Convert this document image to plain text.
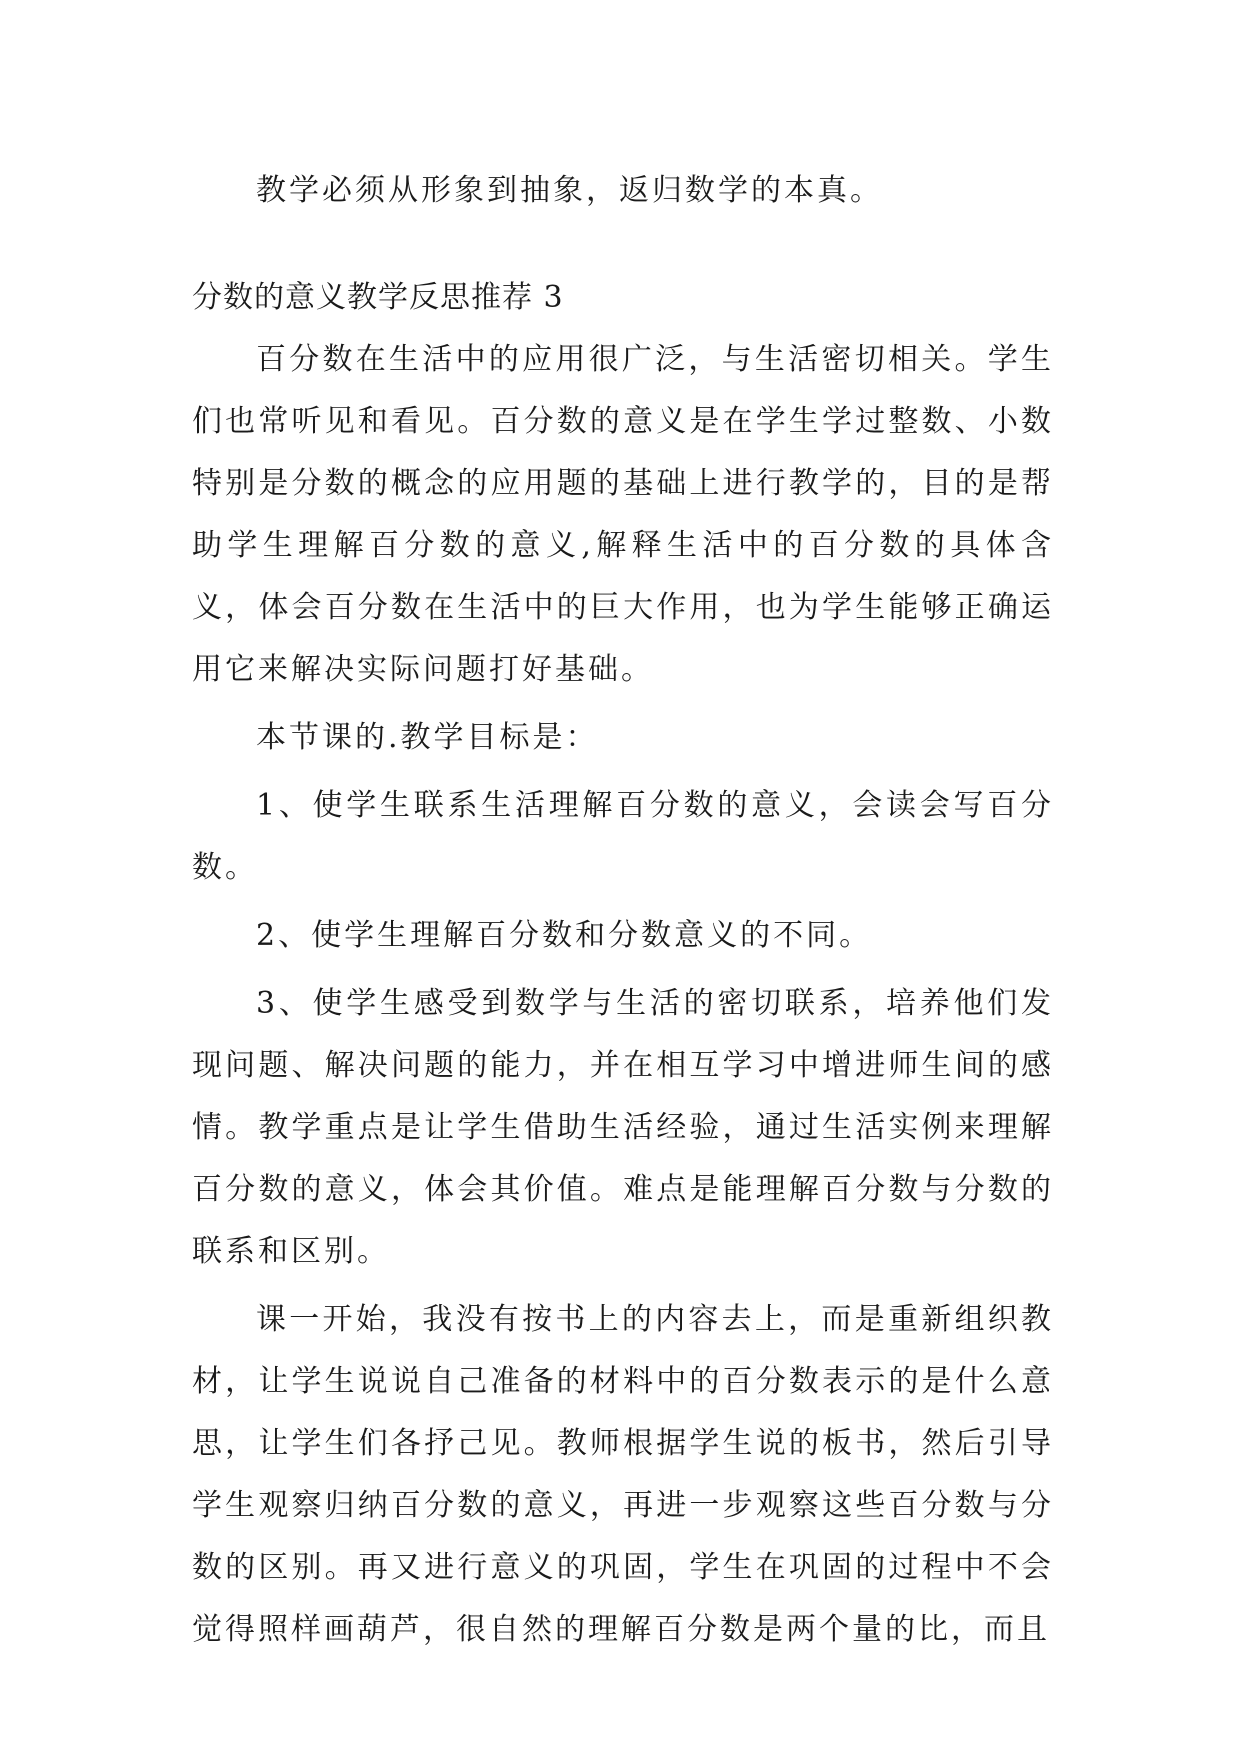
教学必须从形象到抽象，返归数学的本真。

分数的意义教学反思推荐 3

百分数在生活中的应用很广泛，与生活密切相关。学生们也常听见和看见。百分数的意义是在学生学过整数、小数特别是分数的概念的应用题的基础上进行教学的，目的是帮助学生理解百分数的意义,解释生活中的百分数的具体含义，体会百分数在生活中的巨大作用，也为学生能够正确运用它来解决实际问题打好基础。

本节课的.教学目标是：

1、使学生联系生活理解百分数的意义，会读会写百分数。

2、使学生理解百分数和分数意义的不同。

3、使学生感受到数学与生活的密切联系，培养他们发现问题、解决问题的能力，并在相互学习中增进师生间的感情。教学重点是让学生借助生活经验，通过生活实例来理解百分数的意义，体会其价值。难点是能理解百分数与分数的联系和区别。

课一开始，我没有按书上的内容去上，而是重新组织教材，让学生说说自己准备的材料中的百分数表示的是什么意思，让学生们各抒己见。教师根据学生说的板书，然后引导学生观察归纳百分数的意义，再进一步观察这些百分数与分数的区别。再又进行意义的巩固，学生在巩固的过程中不会觉得照样画葫芦，很自然的理解百分数是两个量的比，而且
